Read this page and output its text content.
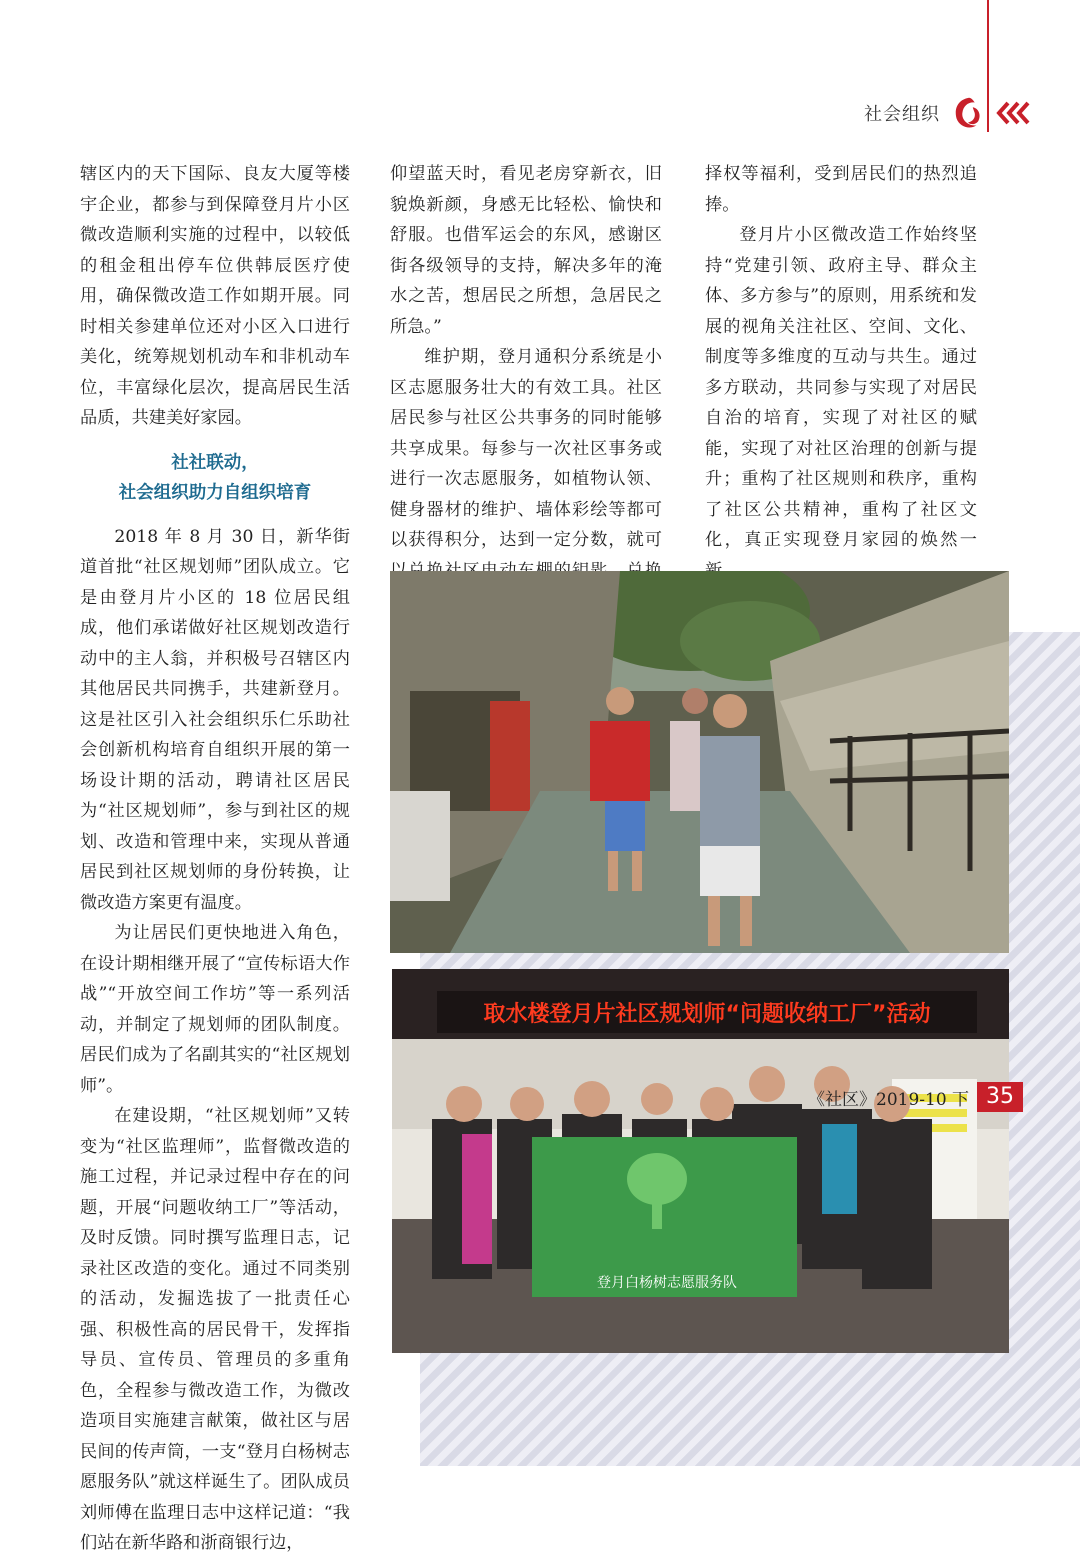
社会组织

辖区内的天下国际、良友大厦等楼宇企业，都参与到保障登月片小区微改造顺利实施的过程中，以较低的租金租出停车位供韩辰医疗使用，确保微改造工作如期开展。同时相关参建单位还对小区入口进行美化，统筹规划机动车和非机动车位，丰富绿化层次，提高居民生活品质，共建美好家园。

社社联动，
社会组织助力自组织培育

2018 年 8 月 30 日，新华街道首批“社区规划师”团队成立。它是由登月片小区的 18 位居民组成，他们承诺做好社区规划改造行动中的主人翁，并积极号召辖区内其他居民共同携手，共建新登月。这是社区引入社会组织乐仁乐助社会创新机构培育自组织开展的第一场设计期的活动，聘请社区居民为“社区规划师”，参与到社区的规划、改造和管理中来，实现从普通居民到社区规划师的身份转换，让微改造方案更有温度。

为让居民们更快地进入角色，在设计期相继开展了“宣传标语大作战”“开放空间工作坊”等一系列活动，并制定了规划师的团队制度。居民们成为了名副其实的“社区规划师”。

在建设期，“社区规划师”又转变为“社区监理师”，监督微改造的施工过程，并记录过程中存在的问题，开展“问题收纳工厂”等活动，及时反馈。同时撰写监理日志，记录社区改造的变化。通过不同类别的活动，发掘选拔了一批责任心强、积极性高的居民骨干，发挥指导员、宣传员、管理员的多重角色，全程参与微改造工作，为微改造项目实施建言献策，做社区与居民间的传声筒，一支“登月白杨树志愿服务队”就这样诞生了。团队成员刘师傅在监理日志中这样记道：“我们站在新华路和浙商银行边，

仰望蓝天时，看见老房穿新衣，旧貌焕新颜，身感无比轻松、愉快和舒服。也借军运会的东风，感谢区街各级领导的支持，解决多年的淹水之苦，想居民之所想，急居民之所急。”

维护期，登月通积分系统是小区志愿服务壮大的有效工具。社区居民参与社区公共事务的同时能够共享成果。每参与一次社区事务或进行一次志愿服务，如植物认领、健身器材的维护、墙体彩绘等都可以获得积分，达到一定分数，就可

择权等福利，受到居民们的热烈追捧。

登月片小区微改造工作始终坚持“党建引领、政府主导、群众主体、多方参与”的原则，用系统和发展的视角关注社区、空间、文化、制度等多维度的互动与共生。通过多方联动，共同参与实现了对居民自治的培育，实现了对社区的赋能，实现了对社区治理的创新与提升；重构了社区规则和秩序，重构了社区公共精神，重构了社区文化，真正实现登月家园的焕然一

取水楼登月片社区规划师“问题收纳工厂”活动
登月白杨树志愿服务队
《社区》2019-10 下 35
